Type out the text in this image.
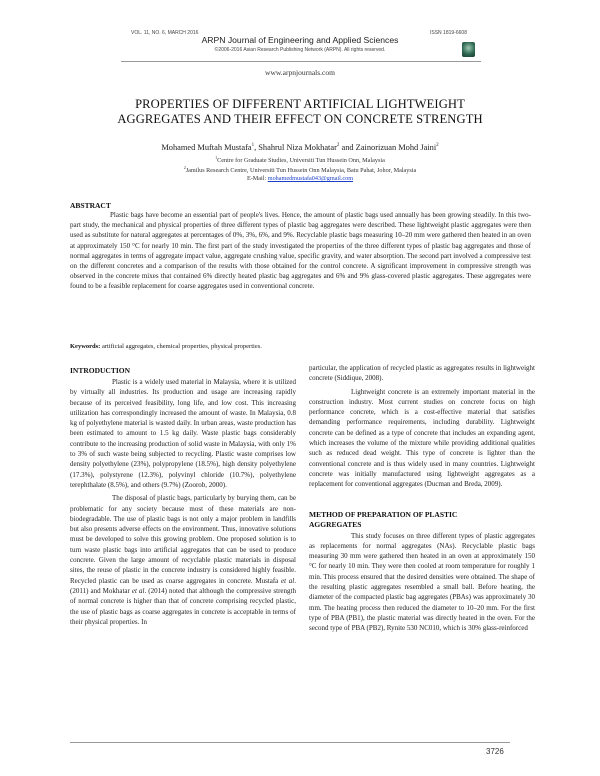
VOL. 11, NO. 6, MARCH 2016	ISSN 1819-6608
ARPN Journal of Engineering and Applied Sciences
©2006-2016 Asian Research Publishing Network (ARPN). All rights reserved.
www.arpnjournals.com
PROPERTIES OF DIFFERENT ARTIFICIAL LIGHTWEIGHT
AGGREGATES AND THEIR EFFECT ON CONCRETE STRENGTH
Mohamed Muftah Mustafa$^1$, Shahrul Niza Mokhatar$^2$ and Zainorizuan Mohd Jaini$^2$
$^1$Centre for Graduate Studies, Universiti Tun Hussein Onn, Malaysia
$^2$Jamilus Research Centre, Universiti Tun Hussein Onn Malaysia, Batu Pahat, Johor, Malaysia
E-Mail: mohamedmustafa043@gmail.com
ABSTRACT
Plastic bags have become an essential part of people's lives. Hence, the amount of plastic bags used annually has been growing steadily. In this two-part study, the mechanical and physical properties of three different types of plastic bag aggregates were described. These lightweight plastic aggregates were then used as substitute for natural aggregates at percentages of 0%, 3%, 6%, and 9%. Recyclable plastic bags measuring 10–20 mm were gathered then heated in an oven at approximately 150 °C for nearly 10 min. The first part of the study investigated the properties of the three different types of plastic bag aggregates and those of normal aggregates in terms of aggregate impact value, aggregate crushing value, specific gravity, and water absorption. The second part involved a compressive test on the different concretes and a comparison of the results with those obtained for the control concrete. A significant improvement in compressive strength was observed in the concrete mixes that contained 6% directly heated plastic bag aggregates and 6% and 9% glass-covered plastic aggregates. These aggregates were found to be a feasible replacement for coarse aggregates used in conventional concrete.
Keywords: artificial aggregates, chemical properties, physical properties.
INTRODUCTION
Plastic is a widely used material in Malaysia, where it is utilized by virtually all industries. Its production and usage are increasing rapidly because of its perceived feasibility, long life, and low cost. This increasing utilization has correspondingly increased the amount of waste. In Malaysia, 0.8 kg of polyethylene material is wasted daily. In urban areas, waste production has been estimated to amount to 1.5 kg daily. Waste plastic bags considerably contribute to the increasing production of solid waste in Malaysia, with only 1% to 3% of such waste being subjected to recycling. Plastic waste comprises low density polyethylene (23%), polypropylene (18.5%), high density polyethylene (17.3%), polystyrene (12.3%), polyvinyl chloride (10.7%), polyethylene terephthalate (8.5%), and others (9.7%) (Zoorob, 2000).
The disposal of plastic bags, particularly by burying them, can be problematic for any society because most of these materials are non-biodegradable. The use of plastic bags is not only a major problem in landfills but also presents adverse effects on the environment. Thus, innovative solutions must be developed to solve this growing problem. One proposed solution is to turn waste plastic bags into artificial aggregates that can be used to produce concrete. Given the large amount of recyclable plastic materials in disposal sites, the reuse of plastic in the concrete industry is considered highly feasible. Recycled plastic can be used as coarse aggregates in concrete. Mustafa et al. (2011) and Mokhatar et al. (2014) noted that although the compressive strength of normal concrete is higher than that of concrete comprising recycled plastic, the use of plastic bags as coarse aggregates in concrete is acceptable in terms of their physical properties. In
particular, the application of recycled plastic as aggregates results in lightweight concrete (Siddique, 2008).
Lightweight concrete is an extremely important material in the construction industry. Most current studies on concrete focus on high performance concrete, which is a cost-effective material that satisfies demanding performance requirements, including durability. Lightweight concrete can be defined as a type of concrete that includes an expanding agent, which increases the volume of the mixture while providing additional qualities such as reduced dead weight. This type of concrete is lighter than the conventional concrete and is thus widely used in many countries. Lightweight concrete was initially manufactured using lightweight aggregates as a replacement for conventional aggregates (Ducman and Breda, 2009).
METHOD OF PREPARATION OF PLASTIC
AGGREGATES
This study focuses on three different types of plastic aggregates as replacements for normal aggregates (NAs). Recyclable plastic bags measuring 30 mm were gathered then heated in an oven at approximately 150 °C for nearly 10 min. They were then cooled at room temperature for roughly 1 min. This process ensured that the desired densities were obtained. The shape of the resulting plastic aggregates resembled a small ball. Before heating, the diameter of the compacted plastic bag aggregates (PBAs) was approximately 30 mm. The heating process then reduced the diameter to 10–20 mm. For the first type of PBA (PB1), the plastic material was directly heated in the oven. For the second type of PBA (PB2), Rynite 530 NC010, which is 30% glass-reinforced
3726
